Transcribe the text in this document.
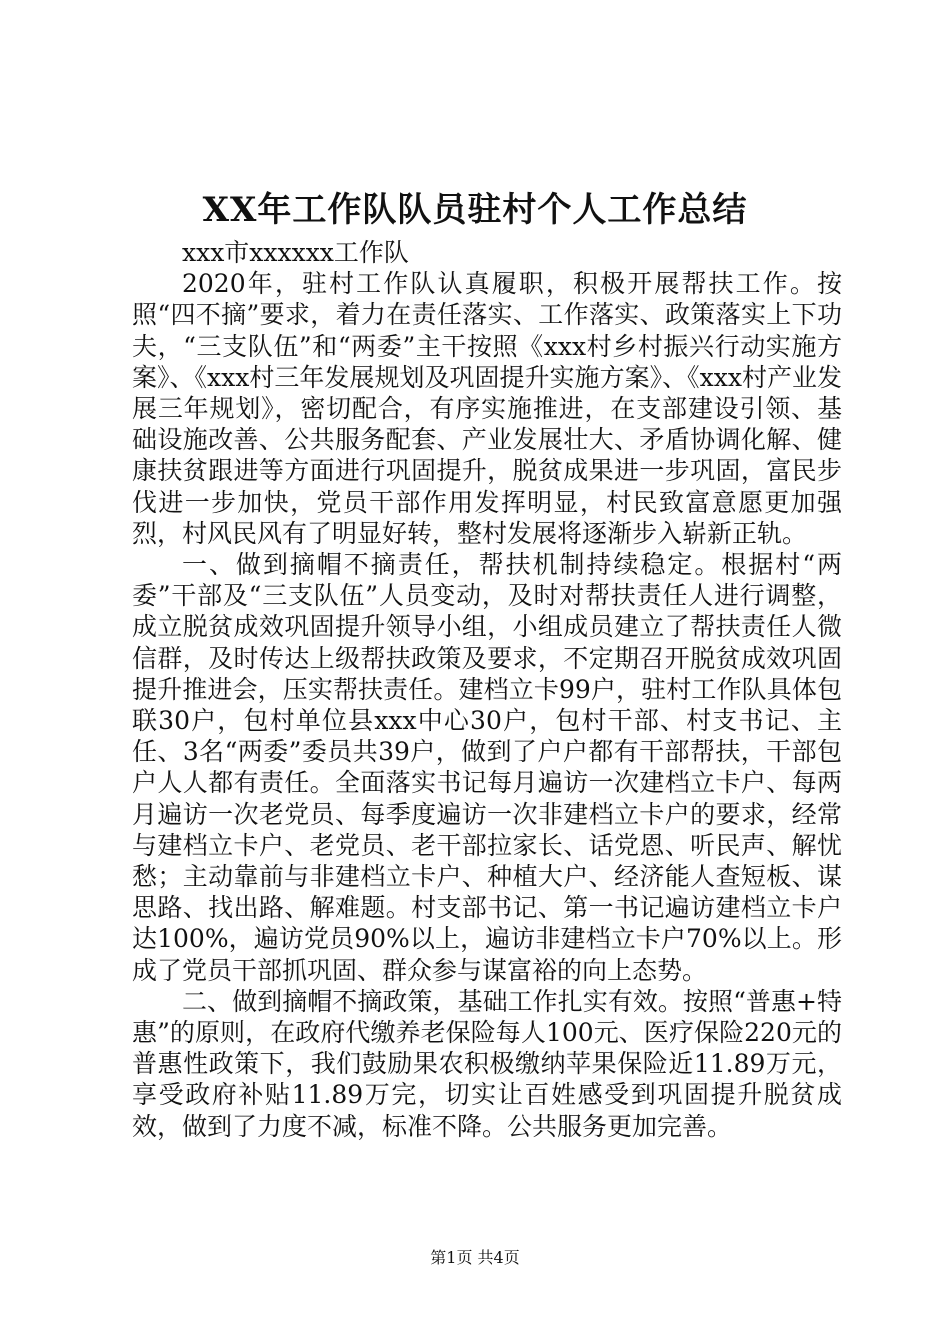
XX年工作队队员驻村个人工作总结

xxx市xxxxxx工作队

2020年，驻村工作队认真履职，积极开展帮扶工作。按照“四不摘”要求，着力在责任落实、工作落实、政策落实上下功夫，“三支队伍”和“两委”主干按照《xxx村乡村振兴行动实施方案》、《xxx村三年发展规划及巩固提升实施方案》、《xxx村产业发展三年规划》，密切配合，有序实施推进，在支部建设引领、基础设施改善、公共服务配套、产业发展壮大、矛盾协调化解、健康扶贫跟进等方面进行巩固提升，脱贫成果进一步巩固，富民步伐进一步加快，党员干部作用发挥明显，村民致富意愿更加强烈，村风民风有了明显好转，整村发展将逐渐步入崭新正轨。

一、做到摘帽不摘责任，帮扶机制持续稳定。根据村“两委”干部及“三支队伍”人员变动，及时对帮扶责任人进行调整，成立脱贫成效巩固提升领导小组，小组成员建立了帮扶责任人微信群，及时传达上级帮扶政策及要求，不定期召开脱贫成效巩固提升推进会，压实帮扶责任。建档立卡99户，驻村工作队具体包联30户，包村单位县xxx中心30户，包村干部、村支书记、主任、3名“两委”委员共39户，做到了户户都有干部帮扶，干部包户人人都有责任。全面落实书记每月遍访一次建档立卡户、每两月遍访一次老党员、每季度遍访一次非建档立卡户的要求，经常与建档立卡户、老党员、老干部拉家长、话党恩、听民声、解忧愁；主动靠前与非建档立卡户、种植大户、经济能人查短板、谋思路、找出路、解难题。村支部书记、第一书记遍访建档立卡户达100%，遍访党员90%以上，遍访非建档立卡户70%以上。形成了党员干部抓巩固、群众参与谋富裕的向上态势。

二、做到摘帽不摘政策，基础工作扎实有效。按照“普惠+特惠”的原则，在政府代缴养老保险每人100元、医疗保险220元的普惠性政策下，我们鼓励果农积极缴纳苹果保险近11.89万元，享受政府补贴11.89万完，切实让百姓感受到巩固提升脱贫成效，做到了力度不减，标准不降。公共服务更加完善。

第1页 共4页
